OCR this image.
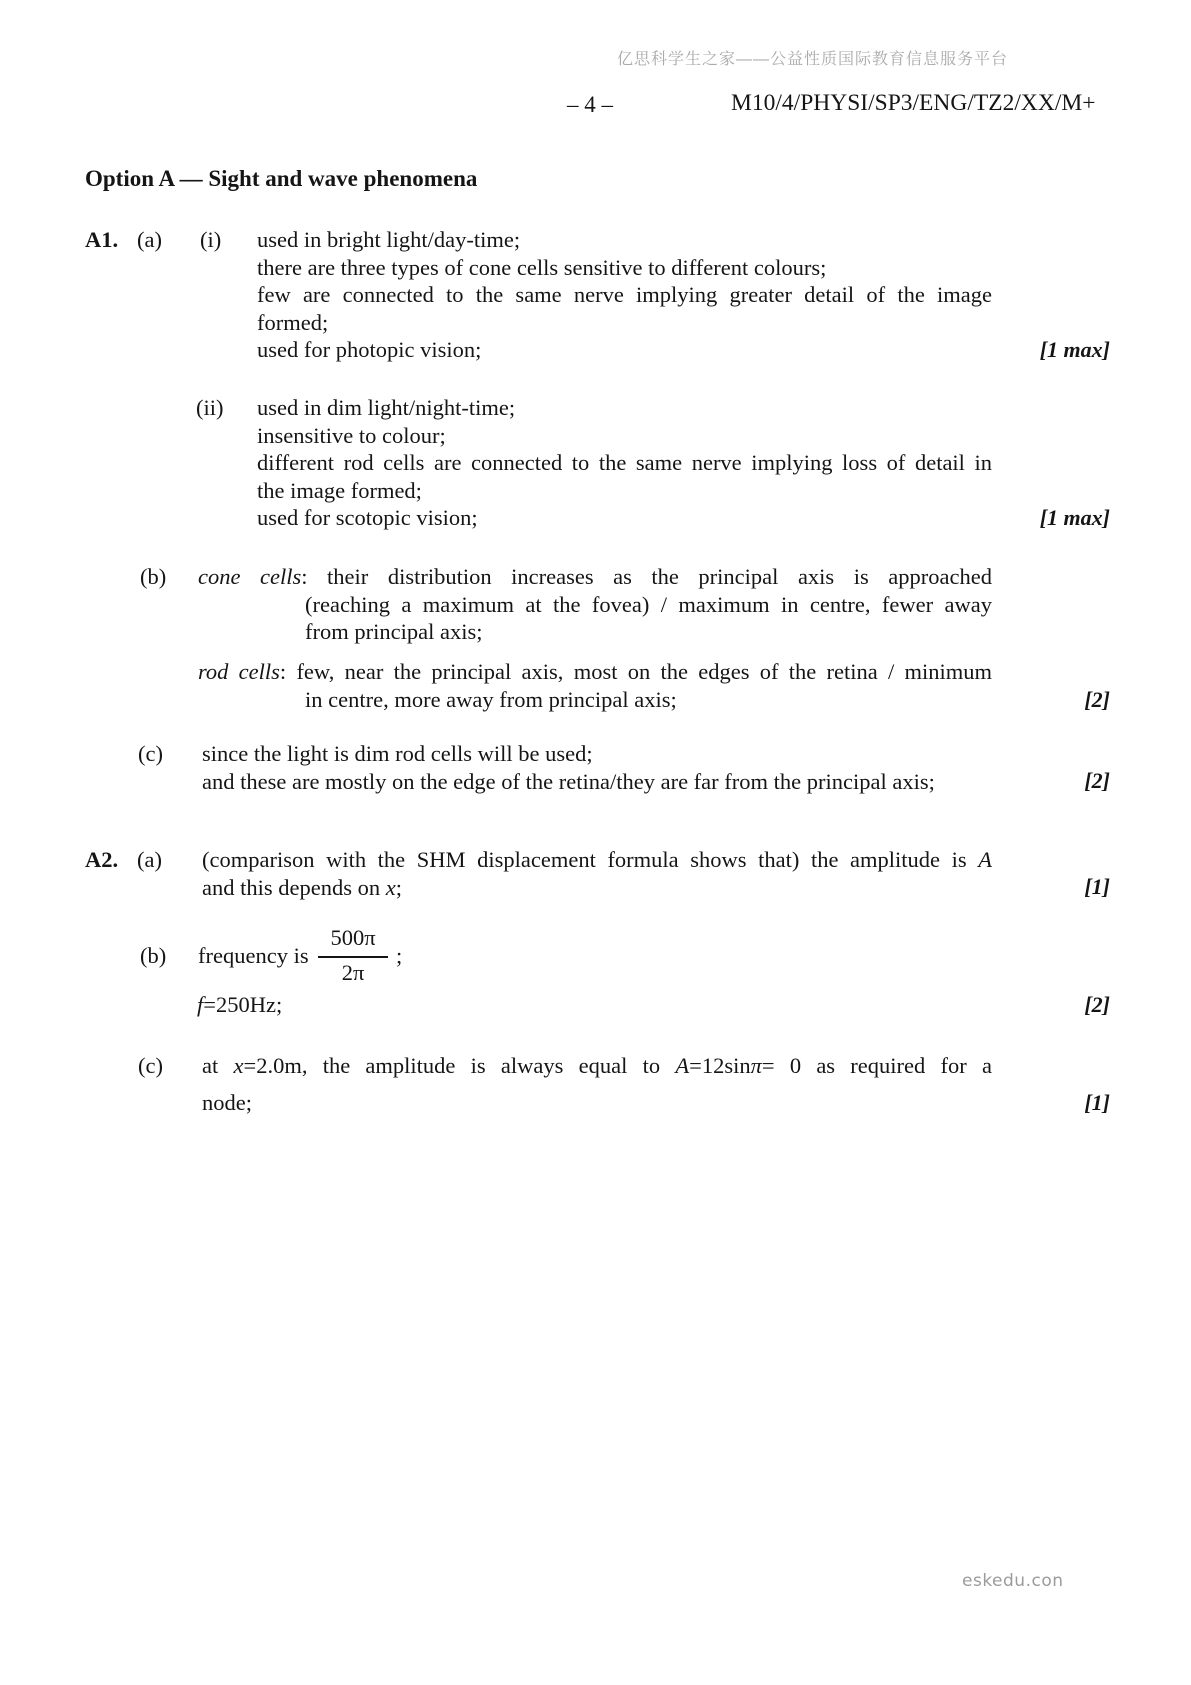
亿思科学生之家——公益性质国际教育信息服务平台
– 4 –	M10/4/PHYSI/SP3/ENG/TZ2/XX/M+
Option A — Sight and wave phenomena
A1. (a) (i) used in bright light/day-time;
there are three types of cone cells sensitive to different colours;
few are connected to the same nerve implying greater detail of the image
formed;
used for photopic vision;	[1 max]
(ii) used in dim light/night-time;
insensitive to colour;
different rod cells are connected to the same nerve implying loss of detail in
the image formed;
used for scotopic vision;	[1 max]
(b) cone cells: their distribution increases as the principal axis is approached
(reaching a maximum at the fovea) / maximum in centre, fewer away
from principal axis;
rod cells: few, near the principal axis, most on the edges of the retina / minimum
in centre, more away from principal axis;	[2]
(c) since the light is dim rod cells will be used;
and these are mostly on the edge of the retina/they are far from the principal axis;	[2]
A2. (a) (comparison with the SHM displacement formula shows that) the amplitude is A
and this depends on x;	[1]
(b) frequency is
500π
2π
;
f=250Hz;	[2]
(c) at x=2.0m, the amplitude is always equal to A=12sinπ= 0 as required for a
node;	[1]
eskedu.con
